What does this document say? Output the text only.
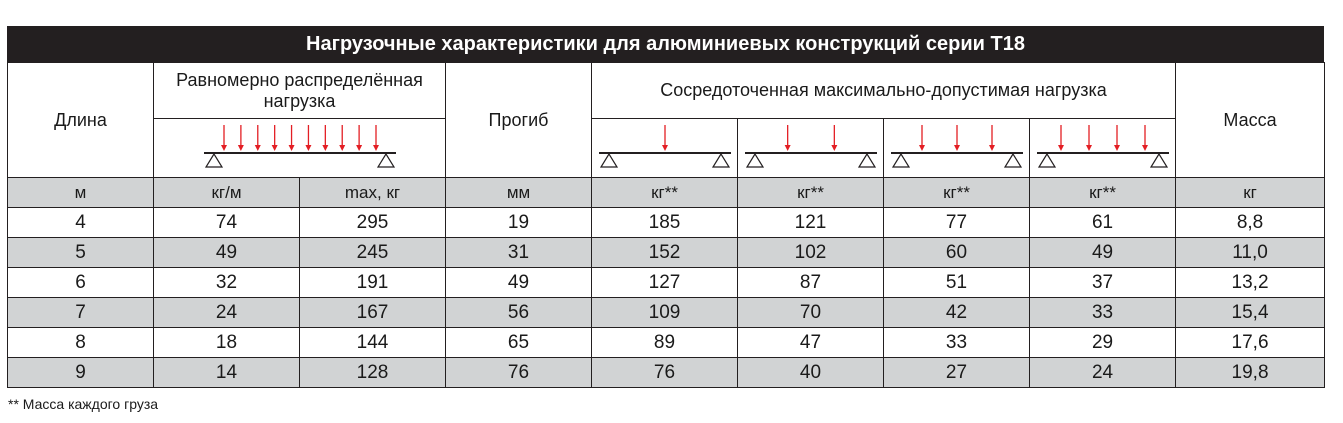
Нагрузочные характеристики для алюминиевых конструкций серии Т18
Длина	Равномерно распределённая нагрузка		Прогиб	Сосредоточенная максимально-допустимая нагрузка				Масса

м	кг/м	max, кг	мм	кг**	кг**	кг**	кг**	кг
4	74	295	19	185	121	77	61	8,8
5	49	245	31	152	102	60	49	11,0
6	32	191	49	127	87	51	37	13,2
7	24	167	56	109	70	42	33	15,4
8	18	144	65	89	47	33	29	17,6
9	14	128	76	76	40	27	24	19,8
** Масса каждого груза
